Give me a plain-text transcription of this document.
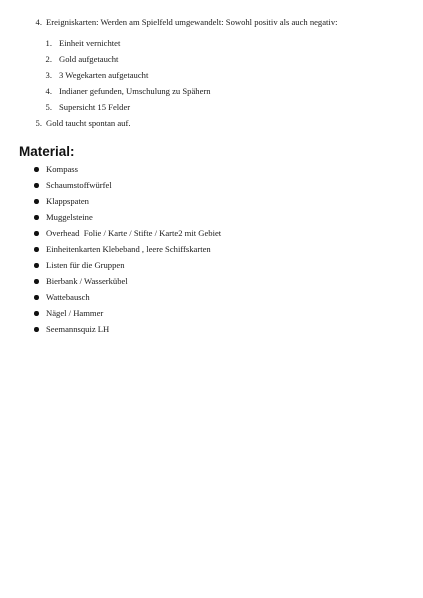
4. Ereigniskarten: Werden am Spielfeld umgewandelt: Sowohl positiv als auch negativ:
1. Einheit vernichtet
2. Gold aufgetaucht
3. 3 Wegekarten aufgetaucht
4. Indianer gefunden, Umschulung zu Spähern
5. Supersicht 15 Felder
5. Gold taucht spontan auf.
Material:
Kompass
Schaumstoffwürfel
Klappspaten
Muggelsteine
Overhead  Folie / Karte / Stifte / Karte2 mit Gebiet
Einheitenkarten Klebeband , leere Schiffskarten
Listen für die Gruppen
Bierbank / Wasserkübel
Wattebausch
Nägel / Hammer
Seemannsquiz LH
